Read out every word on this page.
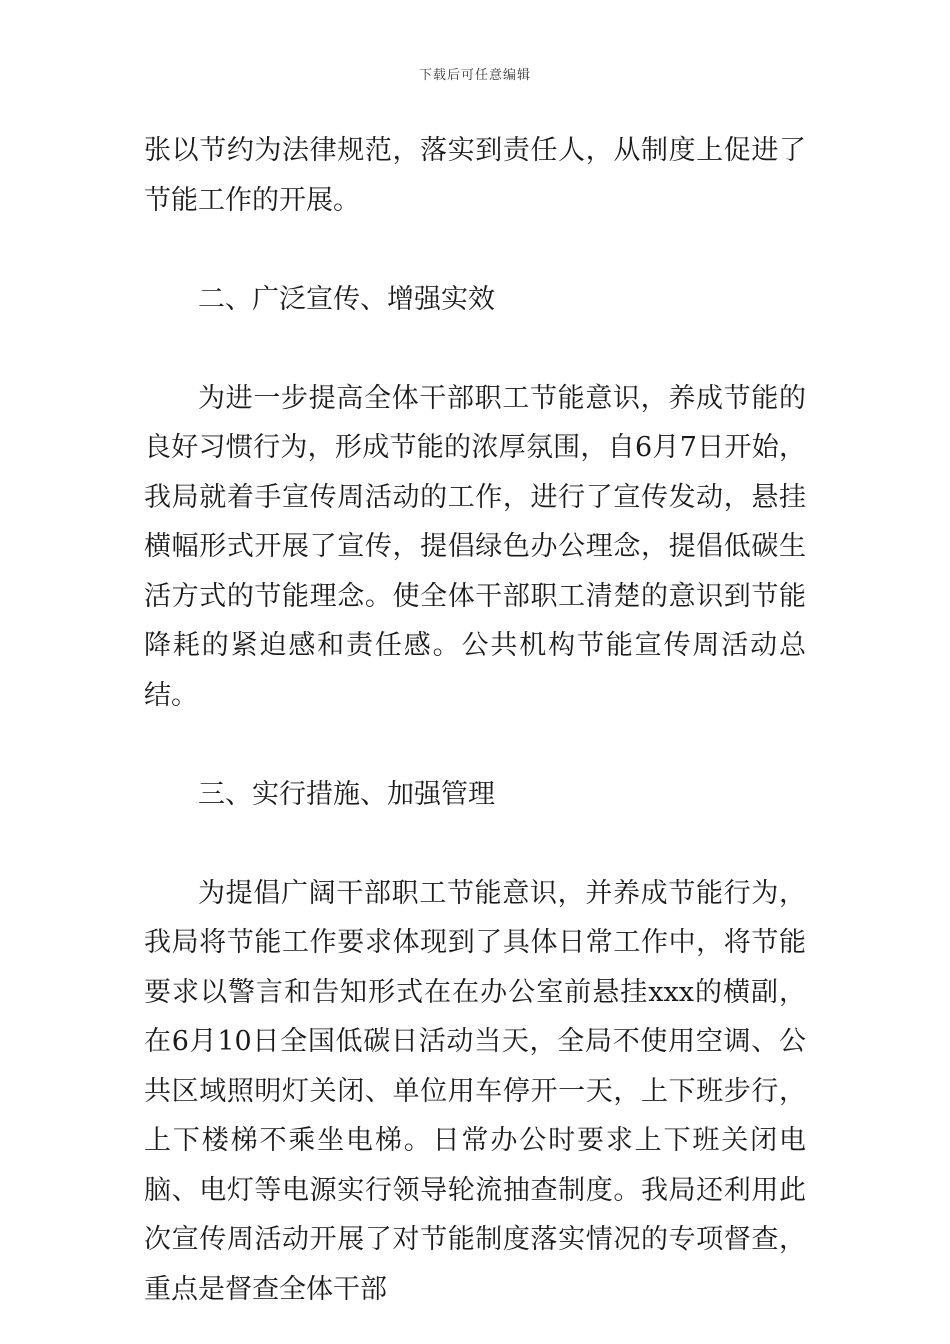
下载后可任意编辑

张以节约为法律规范，落实到责任人，从制度上促进了节能工作的开展。

二、广泛宣传、增强实效

为进一步提高全体干部职工节能意识，养成节能的良好习惯行为，形成节能的浓厚氛围，自6月7日开始，我局就着手宣传周活动的工作，进行了宣传发动，悬挂横幅形式开展了宣传，提倡绿色办公理念，提倡低碳生活方式的节能理念。使全体干部职工清楚的意识到节能降耗的紧迫感和责任感。公共机构节能宣传周活动总结。

三、实行措施、加强管理

为提倡广阔干部职工节能意识，并养成节能行为，我局将节能工作要求体现到了具体日常工作中，将节能要求以警言和告知形式在在办公室前悬挂xxx的横副，在6月10日全国低碳日活动当天，全局不使用空调、公共区域照明灯关闭、单位用车停开一天，上下班步行，上下楼梯不乘坐电梯。日常办公时要求上下班关闭电脑、电灯等电源实行领导轮流抽查制度。我局还利用此次宣传周活动开展了对节能制度落实情况的专项督查，重点是督查全体干部
